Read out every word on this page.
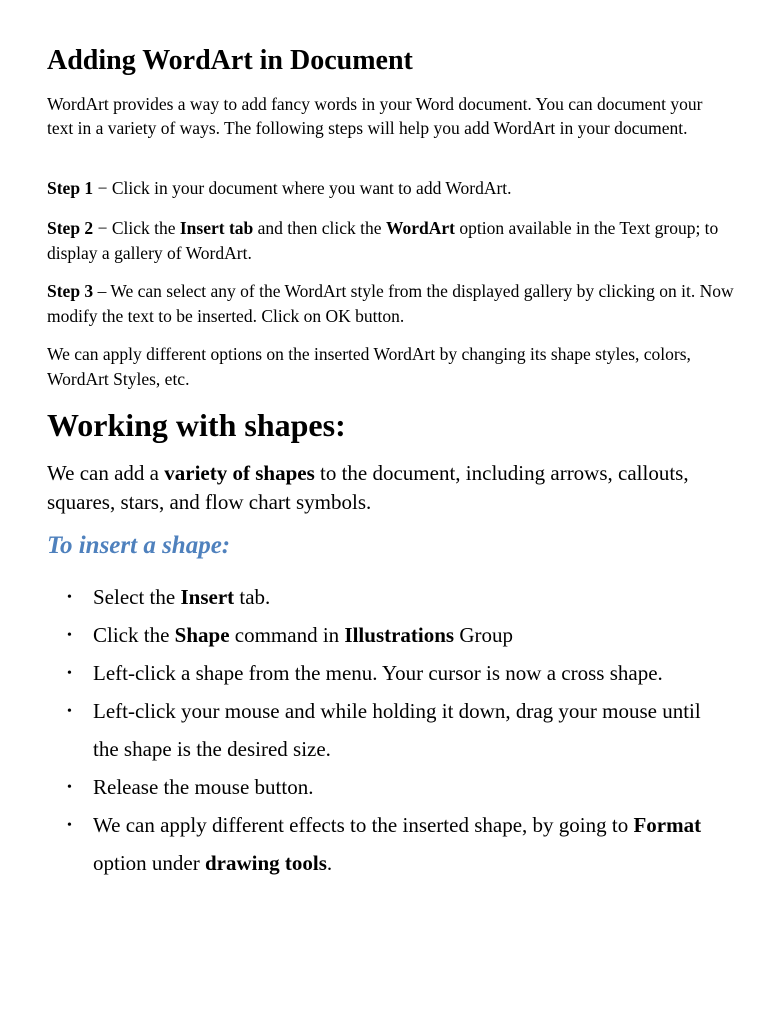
Adding WordArt in Document

WordArt provides a way to add fancy words in your Word document. You can document your text in a variety of ways. The following steps will help you add WordArt in your document.

Step 1 − Click in your document where you want to add WordArt.

Step 2 − Click the Insert tab and then click the WordArt option available in the Text group; to display a gallery of WordArt.

Step 3 – We can select any of the WordArt style from the displayed gallery by clicking on it. Now modify the text to be inserted. Click on OK button.

We can apply different options on the inserted WordArt by changing its shape styles, colors, WordArt Styles, etc.

Working with shapes:

We can add a variety of shapes to the document, including arrows, callouts, squares, stars, and flow chart symbols.

To insert a shape:
• Select the Insert tab.
• Click the Shape command in Illustrations Group
• Left-click a shape from the menu. Your cursor is now a cross shape.
• Left-click your mouse and while holding it down, drag your mouse until the shape is the desired size.
• Release the mouse button.
• We can apply different effects to the inserted shape, by going to Format option under drawing tools.
